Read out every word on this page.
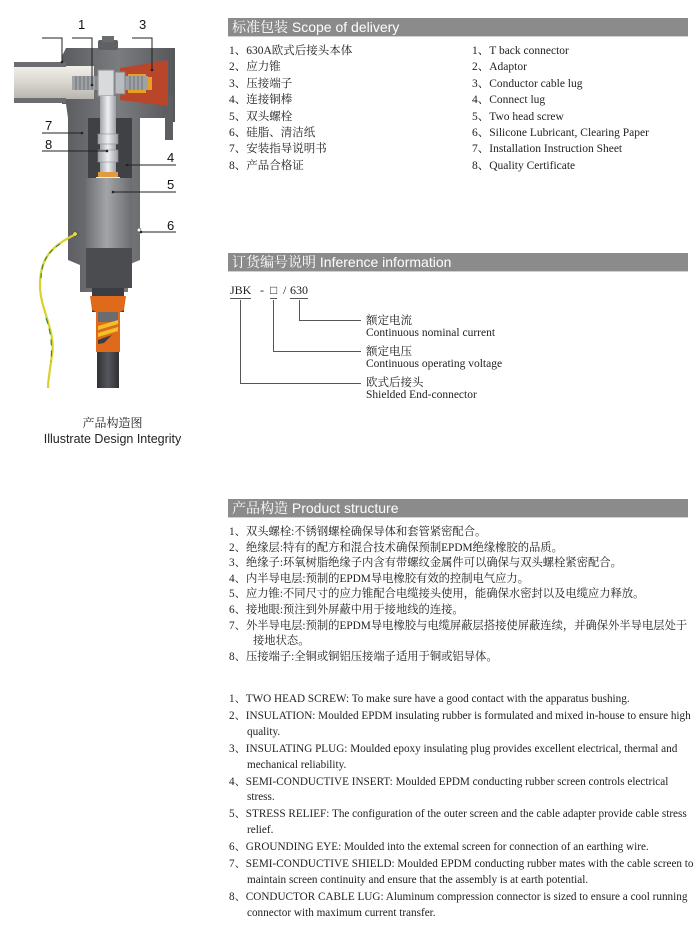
1	3
7
8
4
5
6
产品构造图
Illustrate Design Integrity
标准包装 Scope of delivery
1、630A欧式后接头本体
2、应力锥
3、压接端子
4、连接铜棒
5、双头螺栓
6、硅脂、清洁纸
7、安装指导说明书
8、产品合格证
1、T back connector
2、Adaptor
3、Conductor cable lug
4、Connect lug
5、Two head screw
6、Silicone Lubricant, Clearing Paper
7、Installation Instruction Sheet
8、Quality Certificate
订货编号说明 Inference information
JBK - □ / 630
额定电流
Continuous nominal current
额定电压
Continuous operating voltage
欧式后接头
Shielded End-connector
产品构造 Product structure
1、双头螺栓:不锈钢螺栓确保导体和套管紧密配合。
2、绝缘层:特有的配方和混合技术确保预制EPDM绝缘橡胶的品质。
3、绝缘子:环氧树脂绝缘子内含有带螺纹金属件可以确保与双头螺栓紧密配合。
4、内半导电层:预制的EPDM导电橡胶有效的控制电气应力。
5、应力锥:不同尺寸的应力锥配合电缆接头使用，能确保水密封以及电缆应力释放。
6、接地眼:预注到外屏蔽中用于接地线的连接。
7、外半导电层:预制的EPDM导电橡胶与电缆屏蔽层搭接使屏蔽连续，并确保外半导电层处于接地状态。
8、压接端子:全铜或铜铝压接端子适用于铜或铝导体。
1、TWO HEAD SCREW: To make sure have a good contact with the apparatus bushing.
2、INSULATION: Moulded EPDM insulating rubber is formulated and mixed in-house to ensure high quality.
3、INSULATING PLUG: Moulded epoxy insulating plug provides excellent electrical, thermal and mechanical reliability.
4、SEMI-CONDUCTIVE INSERT: Moulded EPDM conducting rubber screen controls electrical stress.
5、STRESS RELIEF: The configuration of the outer screen and the cable adapter provide cable stress relief.
6、GROUNDING EYE: Moulded into the extemal screen for connection of an earthing wire.
7、SEMI-CONDUCTIVE SHIELD: Moulded EPDM conducting rubber mates with the cable screen to maintain screen continuity and ensure that the assembly is at earth potential.
8、CONDUCTOR CABLE LUG: Aluminum compression connector is sized to ensure a cool running connector with maximum current transfer.
